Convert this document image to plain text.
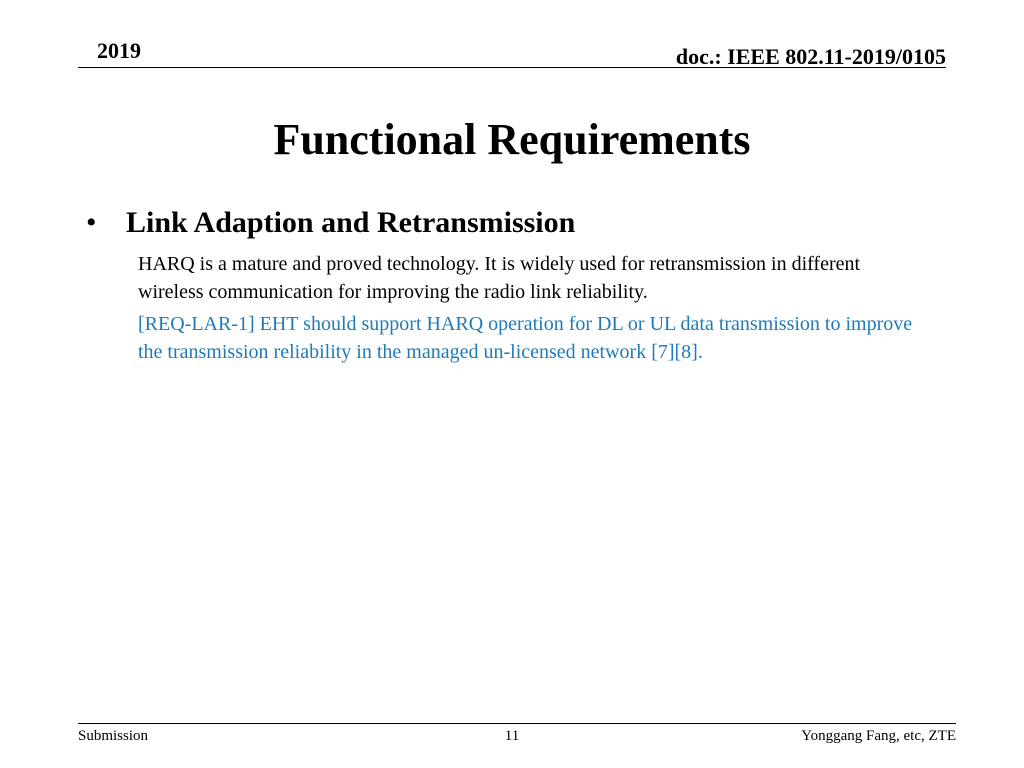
2019	doc.: IEEE 802.11-2019/0105
Functional Requirements
• Link Adaption and Retransmission
HARQ is a mature and proved technology. It is widely used for retransmission in different wireless communication for improving the radio link reliability.
[REQ-LAR-1] EHT should support HARQ operation for DL or UL data transmission to improve the transmission reliability in the managed un-licensed network [7][8].
Submission	11	Yonggang Fang, etc, ZTE
